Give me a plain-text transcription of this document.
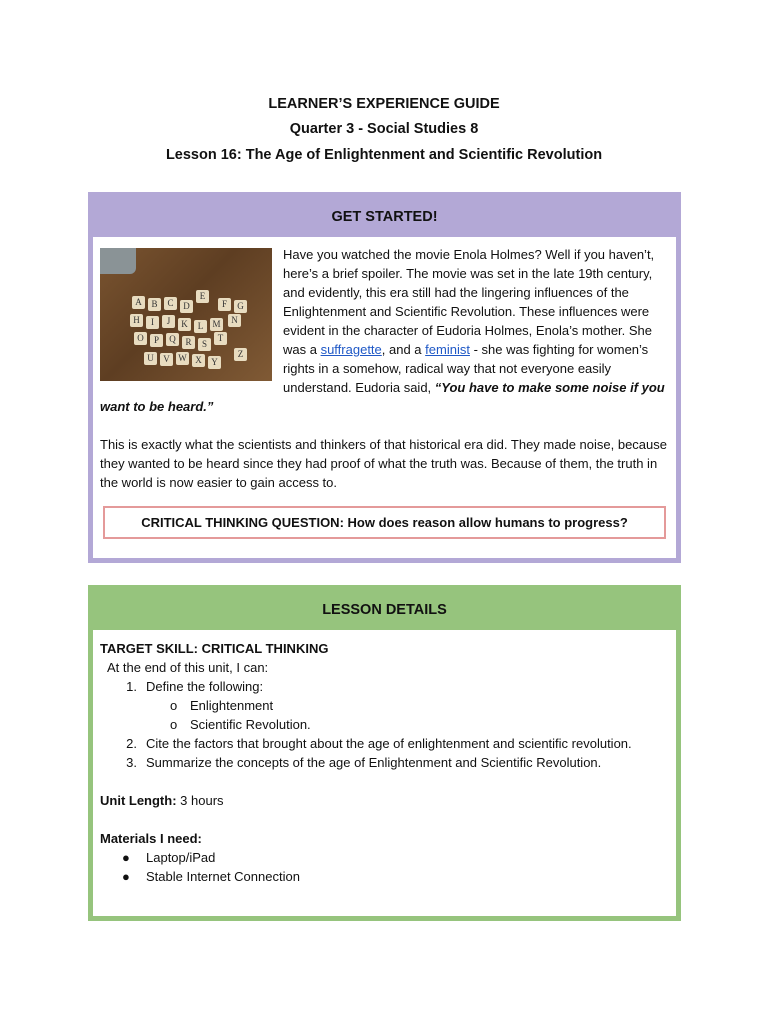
LEARNER’S EXPERIENCE GUIDE
Quarter 3 - Social Studies 8
Lesson 16: The Age of Enlightenment and Scientific Revolution
GET STARTED!
A	B	C	D
E
F	G
H	I	J	K	L	M	N
O	P	Q	R	S
T
U	V W X	Y
Z

Have you watched the movie Enola Holmes? Well if you haven’t, here’s a brief spoiler. The movie was set in the late 19th century, and evidently, this era still had the lingering influences of the Enlightenment and Scientific Revolution. These influences were evident in the character of Eudoria Holmes, Enola’s mother. She was a suffragette, and a feminist - she was fighting for women’s rights in a somehow, radical way that not everyone easily understand. Eudoria said, “You have to make some noise if you want to be heard.”

This is exactly what the scientists and thinkers of that historical era did. They made noise, because they wanted to be heard since they had proof of what the truth was. Because of them, the truth in the world is now easier to gain access to.

CRITICAL THINKING QUESTION: How does reason allow humans to progress?
LESSON DETAILS
TARGET SKILL: CRITICAL THINKING
At the end of this unit, I can:
1. Define the following:
o Enlightenment
o Scientific Revolution.
2. Cite the factors that brought about the age of enlightenment and scientific revolution.
3. Summarize the concepts of the age of Enlightenment and Scientific Revolution.
Unit Length: 3 hours
Materials I need:
●	Laptop/iPad
●	Stable Internet Connection
